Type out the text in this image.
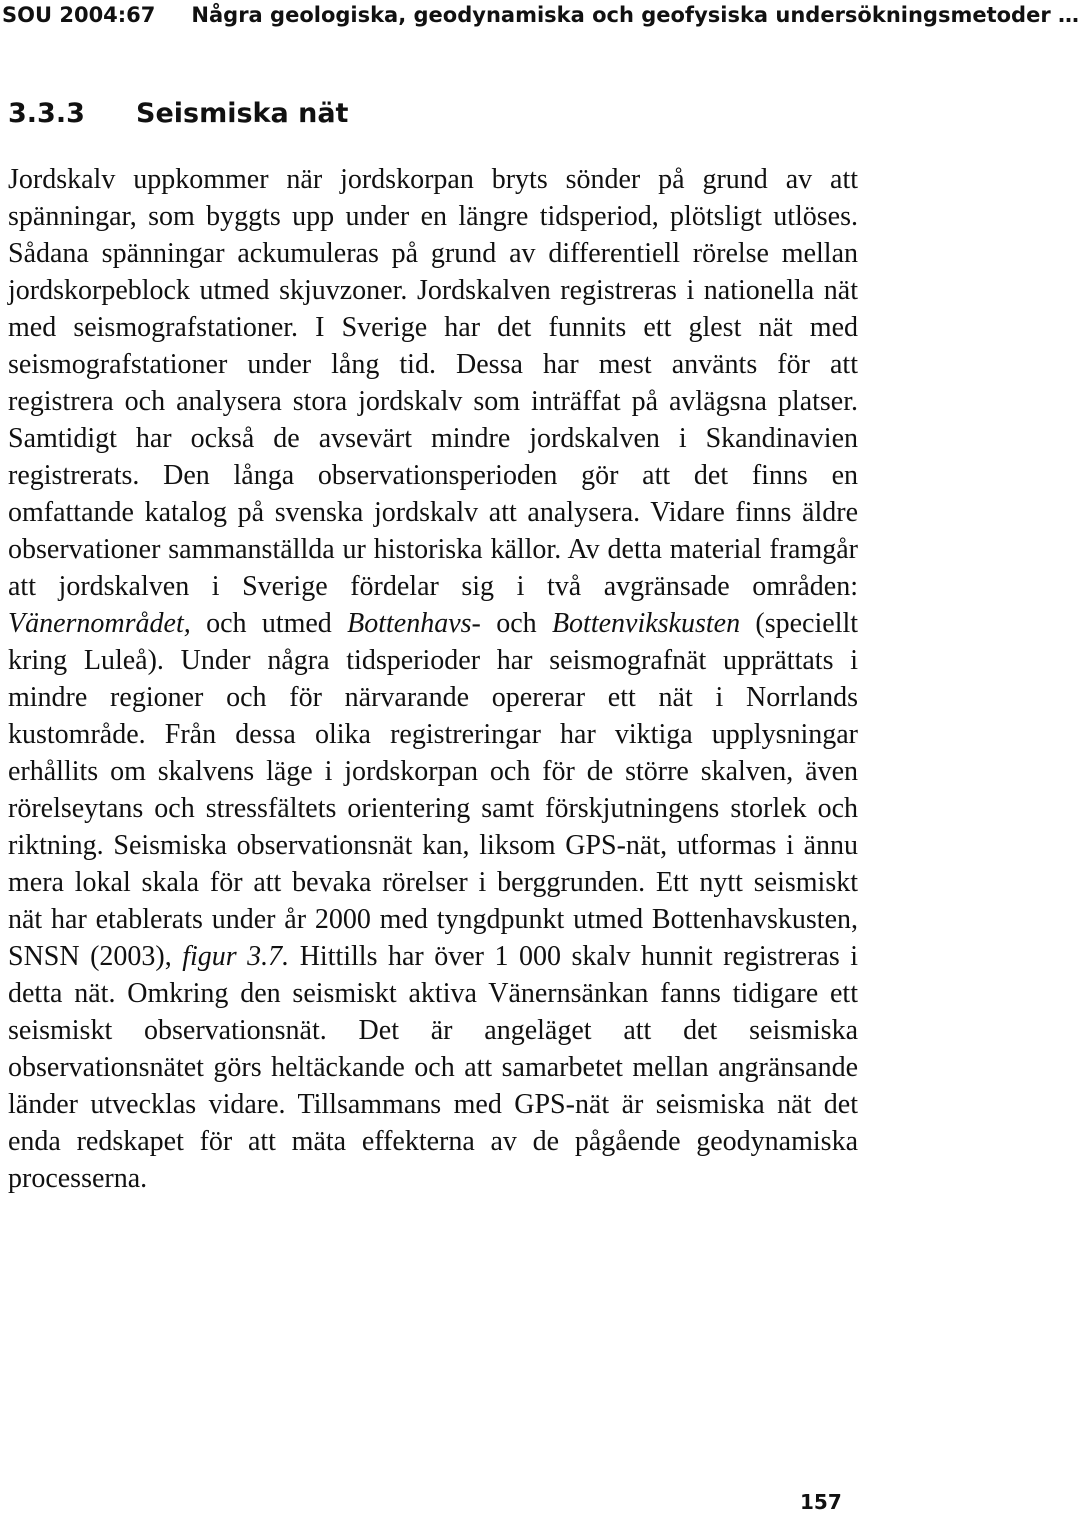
SOU 2004:67 Några geologiska, geodynamiska och geofysiska undersökningsmetoder …
3.3.3 Seismiska nät

Jordskalv uppkommer när jordskorpan bryts sönder på grund av att spänningar, som byggts upp under en längre tidsperiod, plötsligt utlöses. Sådana spänningar ackumuleras på grund av differentiell rörelse mellan jordskorpeblock utmed skjuvzoner. Jordskalven registreras i nationella nät med seismografstationer. I Sverige har det funnits ett glest nät med seismografstationer under lång tid. Dessa har mest använts för att registrera och analysera stora jordskalv som inträffat på avlägsna platser. Samtidigt har också de avsevärt mindre jordskalven i Skandinavien registrerats. Den långa observationsperioden gör att det finns en omfattande katalog på svenska jordskalv att analysera. Vidare finns äldre observationer sammanställda ur historiska källor. Av detta material framgår att jordskalven i Sverige fördelar sig i två avgränsade områden: Vänernområdet, och utmed Bottenhavs- och Bottenvikskusten (speciellt kring Luleå). Under några tidsperioder har seismografnät upprättats i mindre regioner och för närvarande opererar ett nät i Norrlands kustområde. Från dessa olika registreringar har viktiga upplysningar erhållits om skalvens läge i jordskorpan och för de större skalven, även rörelseytans och stressfältets orientering samt förskjutningens storlek och riktning. Seismiska observationsnät kan, liksom GPS-nät, utformas i ännu mera lokal skala för att bevaka rörelser i berggrunden. Ett nytt seismiskt nät har etablerats under år 2000 med tyngdpunkt utmed Bottenhavskusten, SNSN (2003), figur 3.7. Hittills har över 1 000 skalv hunnit registreras i detta nät. Omkring den seismiskt aktiva Vänernsänkan fanns tidigare ett seismiskt observationsnät. Det är angeläget att det seismiska observationsnätet görs heltäckande och att samarbetet mellan angränsande länder utvecklas vidare. Tillsammans med GPS-nät är seismiska nät det enda redskapet för att mäta effekterna av de pågående geodynamiska processerna.

157
